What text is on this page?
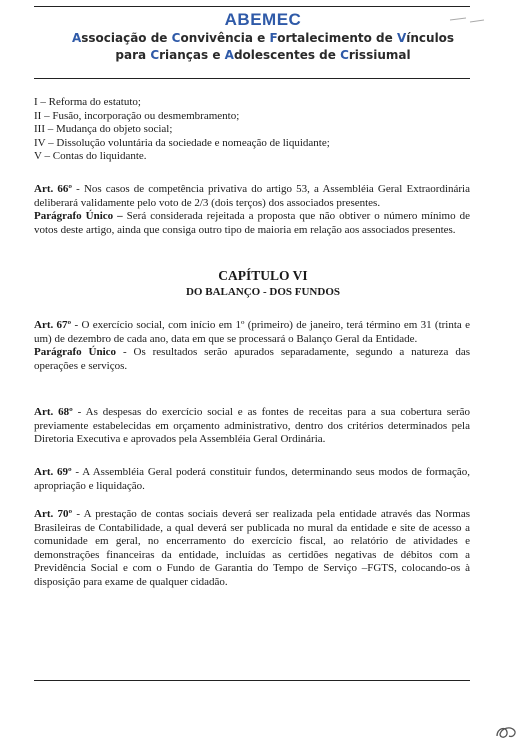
ABEMEC
Associação de Convivência e Fortalecimento de Vínculos
para Crianças e Adolescentes de Crissiumal
I – Reforma do estatuto;
II – Fusão, incorporação ou desmembramento;
III – Mudança do objeto social;
IV – Dissolução voluntária da sociedade e nomeação de liquidante;
V – Contas do liquidante.
Art. 66º - Nos casos de competência privativa do artigo 53, a Assembléia Geral Extraordinária deliberará validamente pelo voto de 2/3 (dois terços) dos associados presentes.
Parágrafo Único – Será considerada rejeitada a proposta que não obtiver o número mínimo de votos deste artigo, ainda que consiga outro tipo de maioria em relação aos associados presentes.
CAPÍTULO VI
DO BALANÇO - DOS FUNDOS
Art. 67º - O exercício social, com início em 1º (primeiro) de janeiro, terá término em 31 (trinta e um) de dezembro de cada ano, data em que se processará o Balanço Geral da Entidade.
Parágrafo Único - Os resultados serão apurados separadamente, segundo a natureza das operações e serviços.
Art. 68º - As despesas do exercício social e as fontes de receitas para a sua cobertura serão previamente estabelecidas em orçamento administrativo, dentro dos critérios determinados pela Diretoria Executiva e aprovados pela Assembléia Geral Ordinária.
Art. 69º - A Assembléia Geral poderá constituir fundos, determinando seus modos de formação, apropriação e liquidação.
Art. 70º - A prestação de contas sociais deverá ser realizada pela entidade através das Normas Brasileiras de Contabilidade, a qual deverá ser publicada no mural da entidade e site de acesso a comunidade em geral, no encerramento do exercício fiscal, ao relatório de atividades e demonstrações financeiras da entidade, incluídas as certidões negativas de débitos com a Previdência Social e com o Fundo de Garantia do Tempo de Serviço –FGTS, colocando-os à disposição para exame de qualquer cidadão.
